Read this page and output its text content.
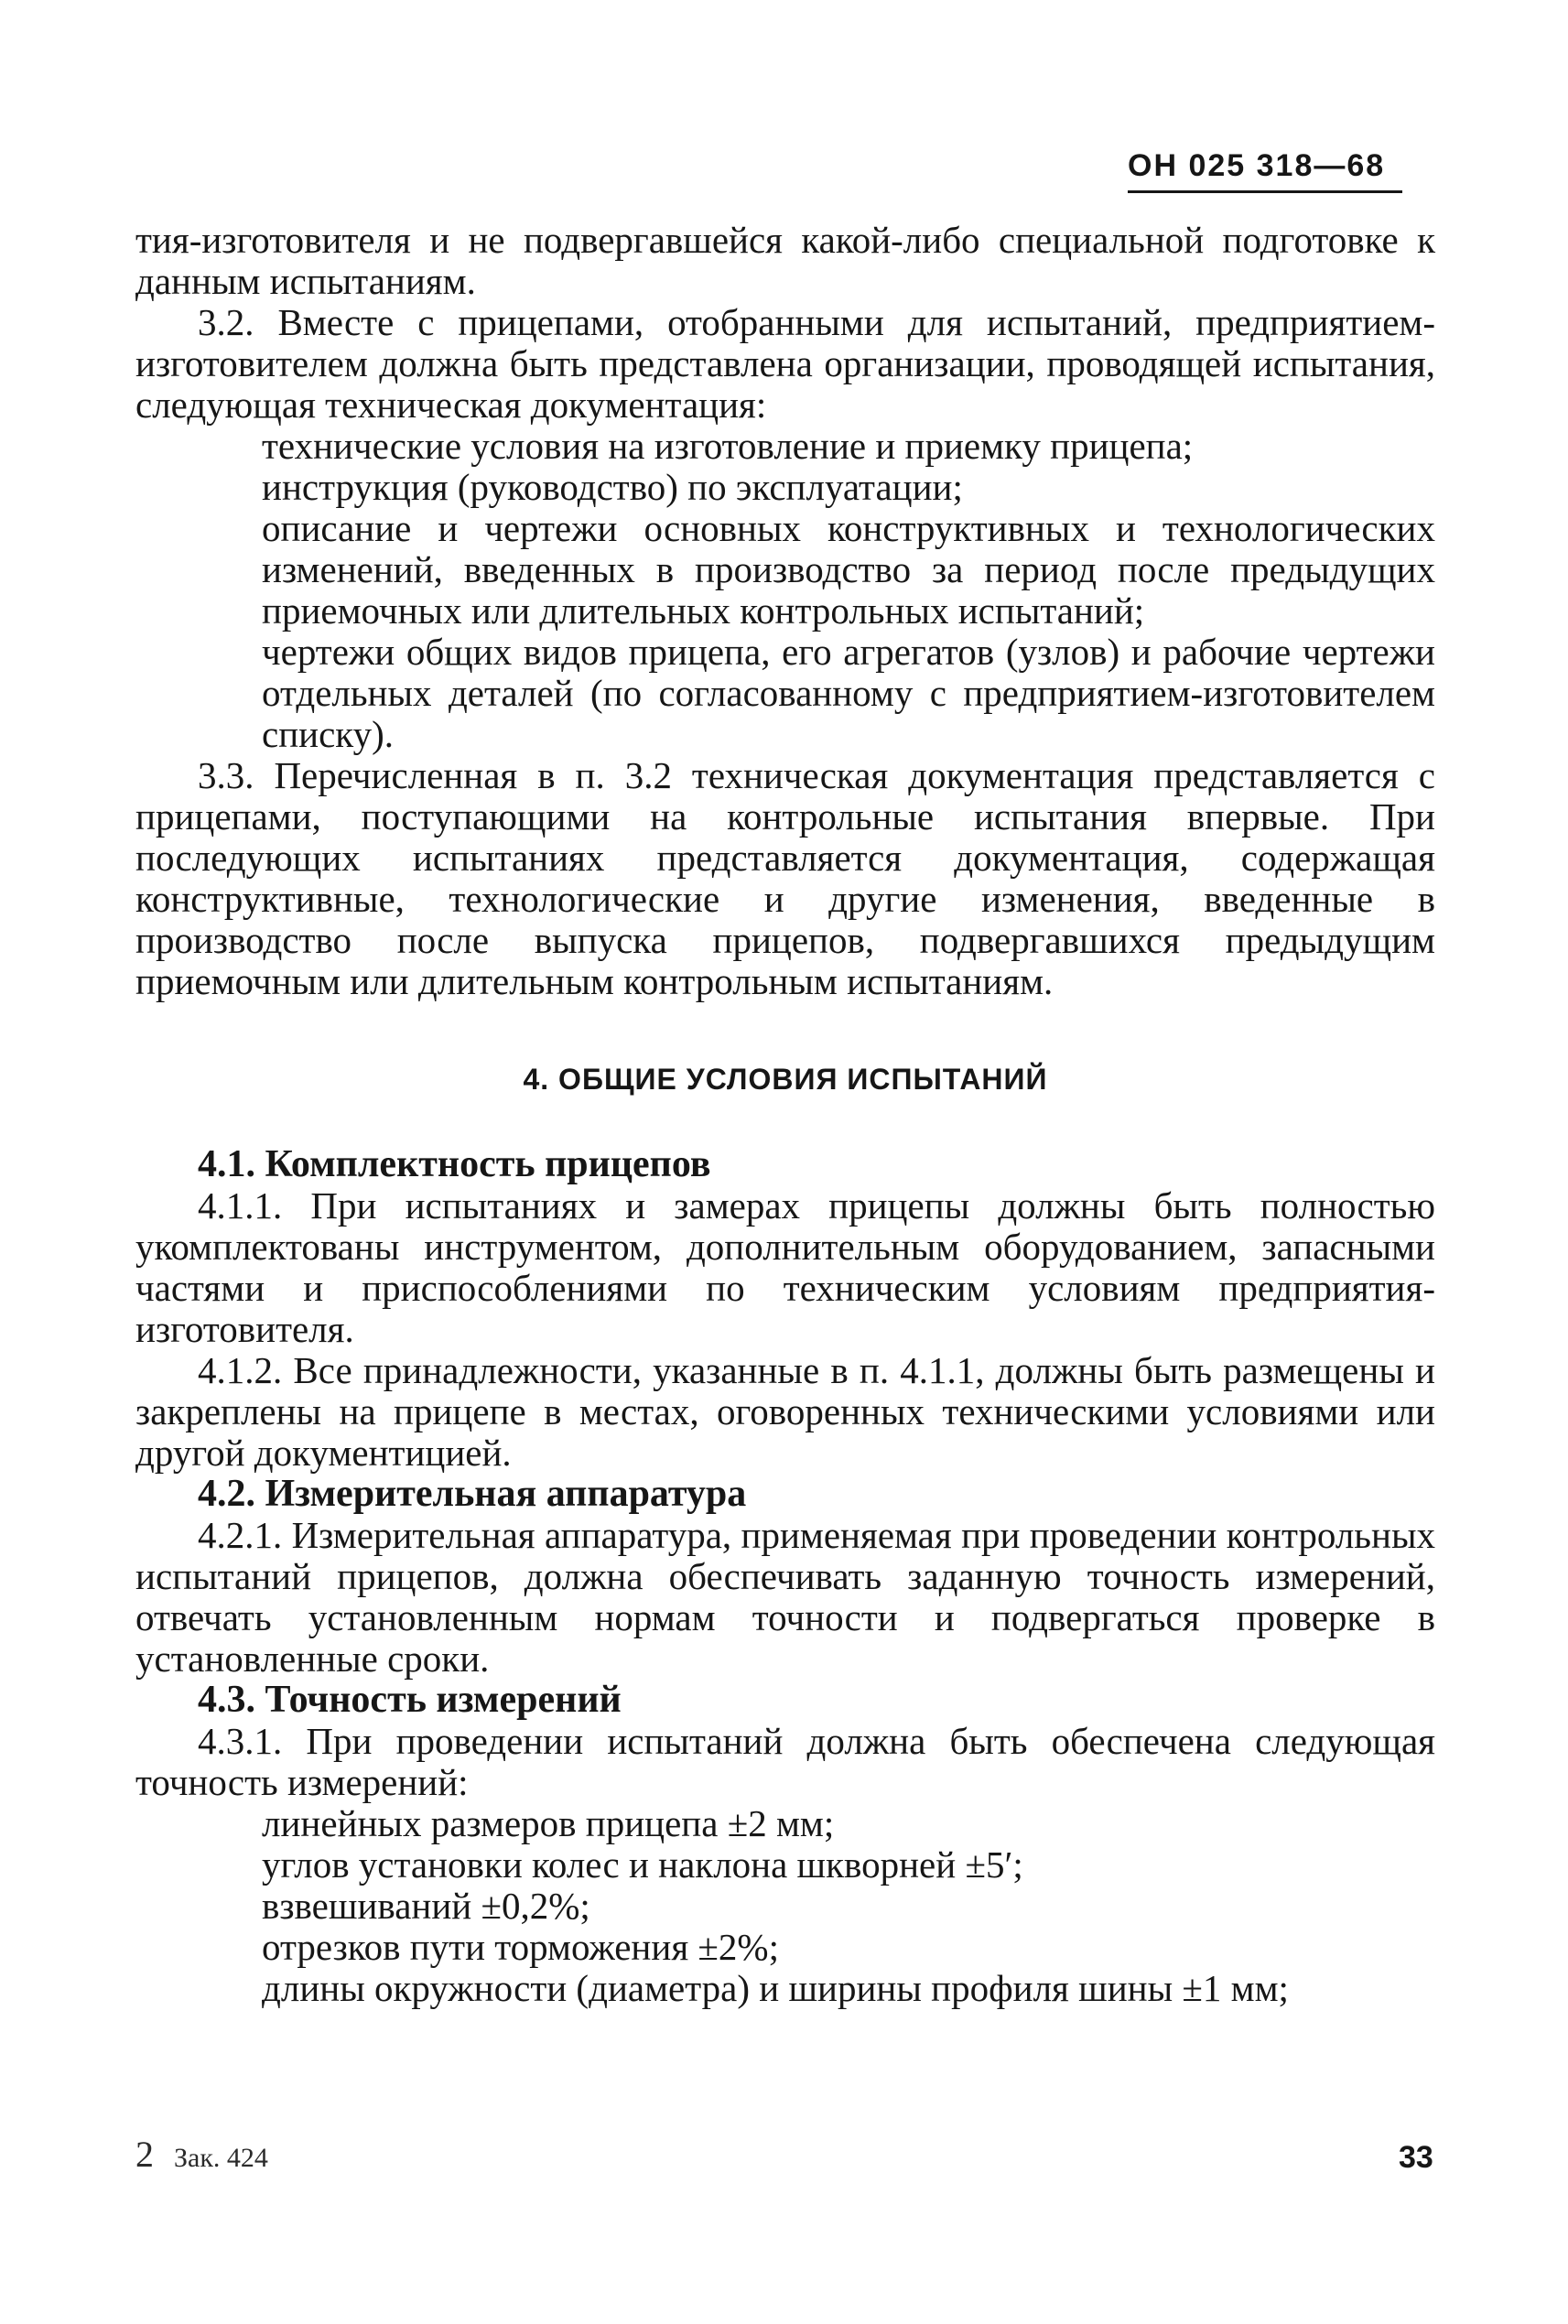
ОН 025 318—68

тия-изготовителя и не подвергавшейся какой-либо специальной подготовке к данным испытаниям.

3.2. Вместе с прицепами, отобранными для испытаний, предприятием-изготовителем должна быть представлена организации, проводящей испытания, следующая техническая документация:

технические условия на изготовление и приемку прицепа;

инструкция (руководство) по эксплуатации;

описание и чертежи основных конструктивных и технологических изменений, введенных в производство за период после предыдущих приемочных или длительных контрольных испытаний;

чертежи общих видов прицепа, его агрегатов (узлов) и рабочие чертежи отдельных деталей (по согласованному с предприятием-изготовителем списку).

3.3. Перечисленная в п. 3.2 техническая документация представляется с прицепами, поступающими на контрольные испытания впервые. При последующих испытаниях представляется документация, содержащая конструктивные, технологические и другие изменения, введенные в производство после выпуска прицепов, подвергавшихся предыдущим приемочным или длительным контрольным испытаниям.

4. ОБЩИЕ УСЛОВИЯ ИСПЫТАНИЙ

4.1. Комплектность прицепов

4.1.1. При испытаниях и замерах прицепы должны быть полностью укомплектованы инструментом, дополнительным оборудованием, запасными частями и приспособлениями по техническим условиям предприятия-изготовителя.

4.1.2. Все принадлежности, указанные в п. 4.1.1, должны быть размещены и закреплены на прицепе в местах, оговоренных техническими условиями или другой документицией.

4.2. Измерительная аппаратура

4.2.1. Измерительная аппаратура, применяемая при проведении контрольных испытаний прицепов, должна обеспечивать заданную точность измерений, отвечать установленным нормам точности и подвергаться проверке в установленные сроки.

4.3. Точность измерений

4.3.1. При проведении испытаний должна быть обеспечена следующая точность измерений:

линейных размеров прицепа ±2 мм;

углов установки колес и наклона шкворней ±5′;

взвешиваний ±0,2%;

отрезков пути торможения ±2%;

длины окружности (диаметра) и ширины профиля шины ±1 мм;

2 Зак. 424	33
